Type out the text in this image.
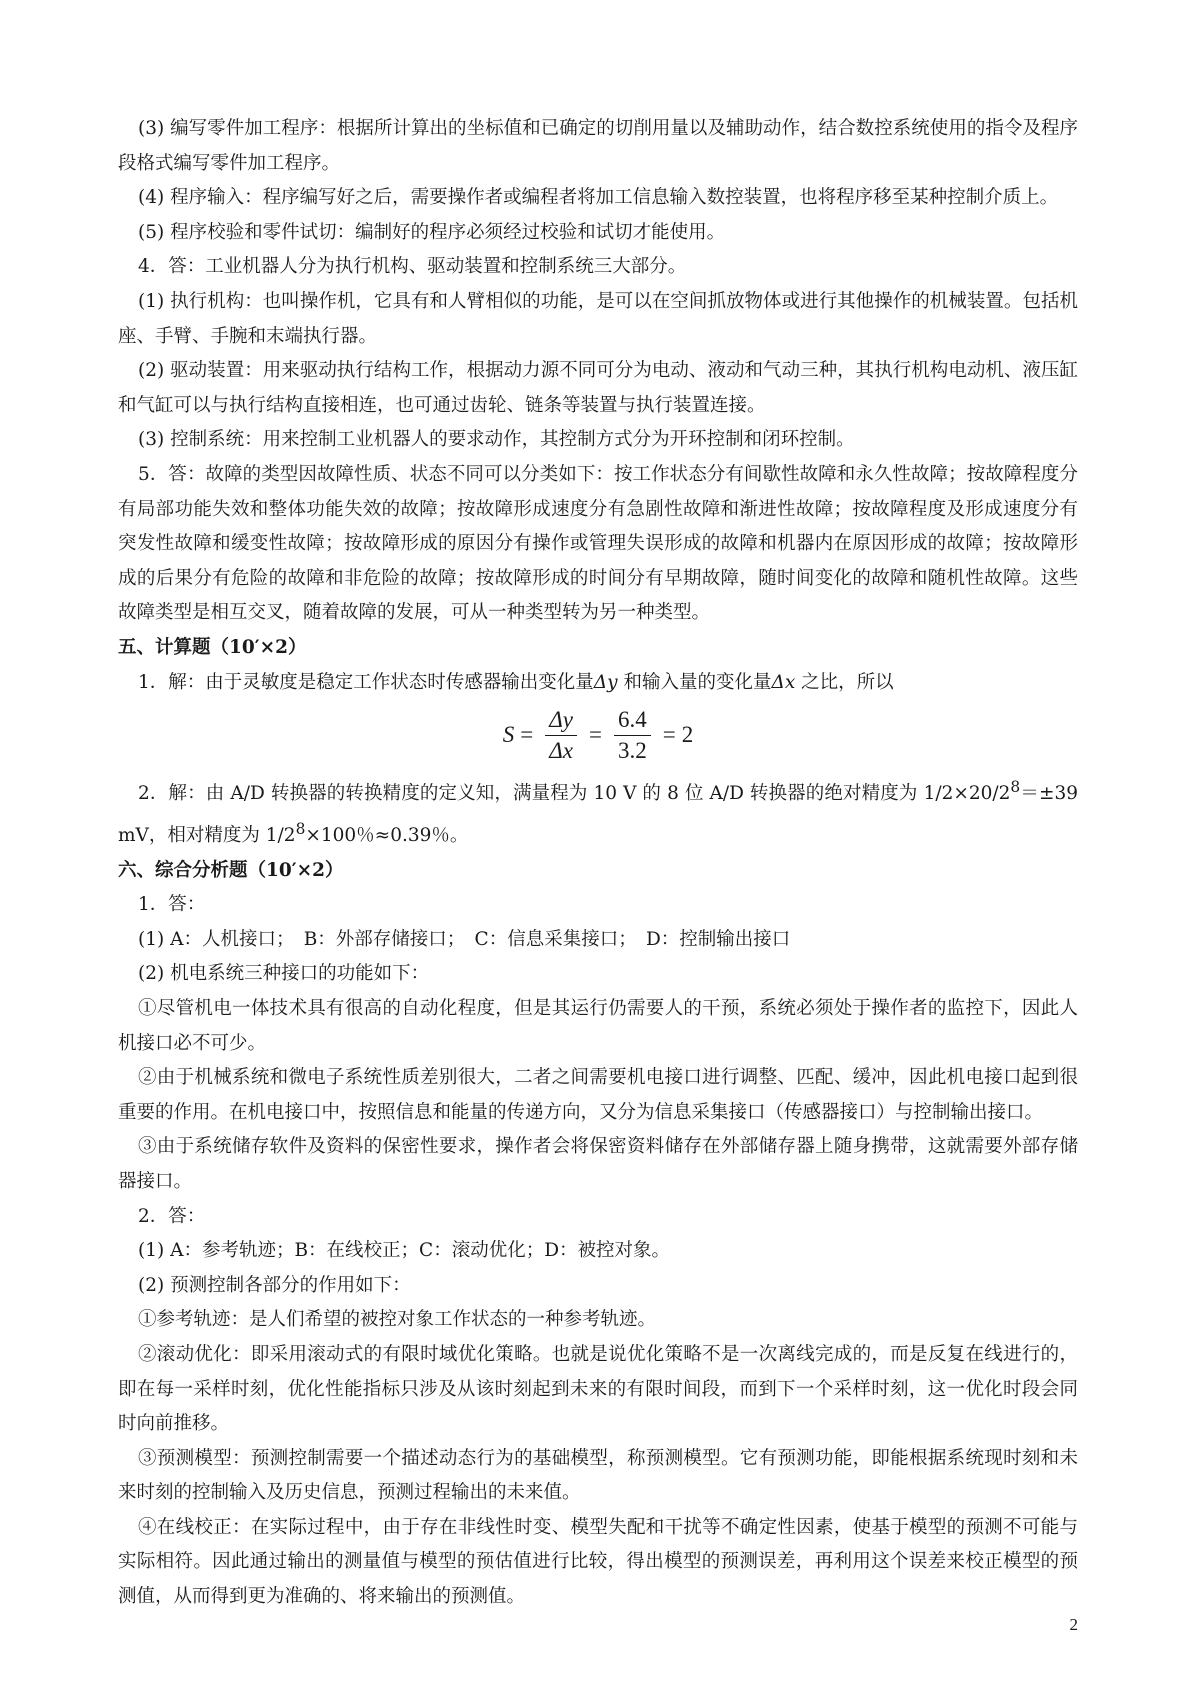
(3) 编写零件加工程序：根据所计算出的坐标值和已确定的切削用量以及辅助动作，结合数控系统使用的指令及程序段格式编写零件加工程序。

(4) 程序输入：程序编写好之后，需要操作者或编程者将加工信息输入数控装置，也将程序移至某种控制介质上。

(5) 程序校验和零件试切：编制好的程序必须经过校验和试切才能使用。

4．答：工业机器人分为执行机构、驱动装置和控制系统三大部分。

(1) 执行机构：也叫操作机，它具有和人臂相似的功能，是可以在空间抓放物体或进行其他操作的机械装置。包括机座、手臂、手腕和末端执行器。

(2) 驱动装置：用来驱动执行结构工作，根据动力源不同可分为电动、液动和气动三种，其执行机构电动机、液压缸和气缸可以与执行结构直接相连，也可通过齿轮、链条等装置与执行装置连接。

(3) 控制系统：用来控制工业机器人的要求动作，其控制方式分为开环控制和闭环控制。

5．答：故障的类型因故障性质、状态不同可以分类如下：按工作状态分有间歇性故障和永久性故障；按故障程度分有局部功能失效和整体功能失效的故障；按故障形成速度分有急剧性故障和渐进性故障；按故障程度及形成速度分有突发性故障和缓变性故障；按故障形成的原因分有操作或管理失误形成的故障和机器内在原因形成的故障；按故障形成的后果分有危险的故障和非危险的故障；按故障形成的时间分有早期故障，随时间变化的故障和随机性故障。这些故障类型是相互交叉，随着故障的发展，可从一种类型转为另一种类型。

五、计算题（10′×2）

1．解：由于灵敏度是稳定工作状态时传感器输出变化量Δy 和输入量的变化量Δx 之比，所以

$S = \frac{\Delta y}{\Delta x} = \frac{6.4}{3.2} = 2$

2．解：由 A/D 转换器的转换精度的定义知，满量程为 10 V 的 8 位 A/D 转换器的绝对精度为 $1/2\times 20/2^8=\pm 39$ mV，相对精度为 $1/2^8\times 100$％≈0.39％。

六、综合分析题（10′×2）

1．答：

(1) A：人机接口；　B：外部存储接口；　C：信息采集接口；　D：控制输出接口

(2) 机电系统三种接口的功能如下：

①尽管机电一体技术具有很高的自动化程度，但是其运行仍需要人的干预，系统必须处于操作者的监控下，因此人机接口必不可少。

②由于机械系统和微电子系统性质差别很大，二者之间需要机电接口进行调整、匹配、缓冲，因此机电接口起到很重要的作用。在机电接口中，按照信息和能量的传递方向，又分为信息采集接口（传感器接口）与控制输出接口。

③由于系统储存软件及资料的保密性要求，操作者会将保密资料储存在外部储存器上随身携带，这就需要外部存储器接口。

2．答：

(1) A：参考轨迹；B：在线校正；C：滚动优化；D：被控对象。

(2) 预测控制各部分的作用如下：

①参考轨迹：是人们希望的被控对象工作状态的一种参考轨迹。

②滚动优化：即采用滚动式的有限时域优化策略。也就是说优化策略不是一次离线完成的，而是反复在线进行的，即在每一采样时刻，优化性能指标只涉及从该时刻起到未来的有限时间段，而到下一个采样时刻，这一优化时段会同时向前推移。

③预测模型：预测控制需要一个描述动态行为的基础模型，称预测模型。它有预测功能，即能根据系统现时刻和未来时刻的控制输入及历史信息，预测过程输出的未来值。

④在线校正：在实际过程中，由于存在非线性时变、模型失配和干扰等不确定性因素，使基于模型的预测不可能与实际相符。因此通过输出的测量值与模型的预估值进行比较，得出模型的预测误差，再利用这个误差来校正模型的预测值，从而得到更为准确的、将来输出的预测值。

2
